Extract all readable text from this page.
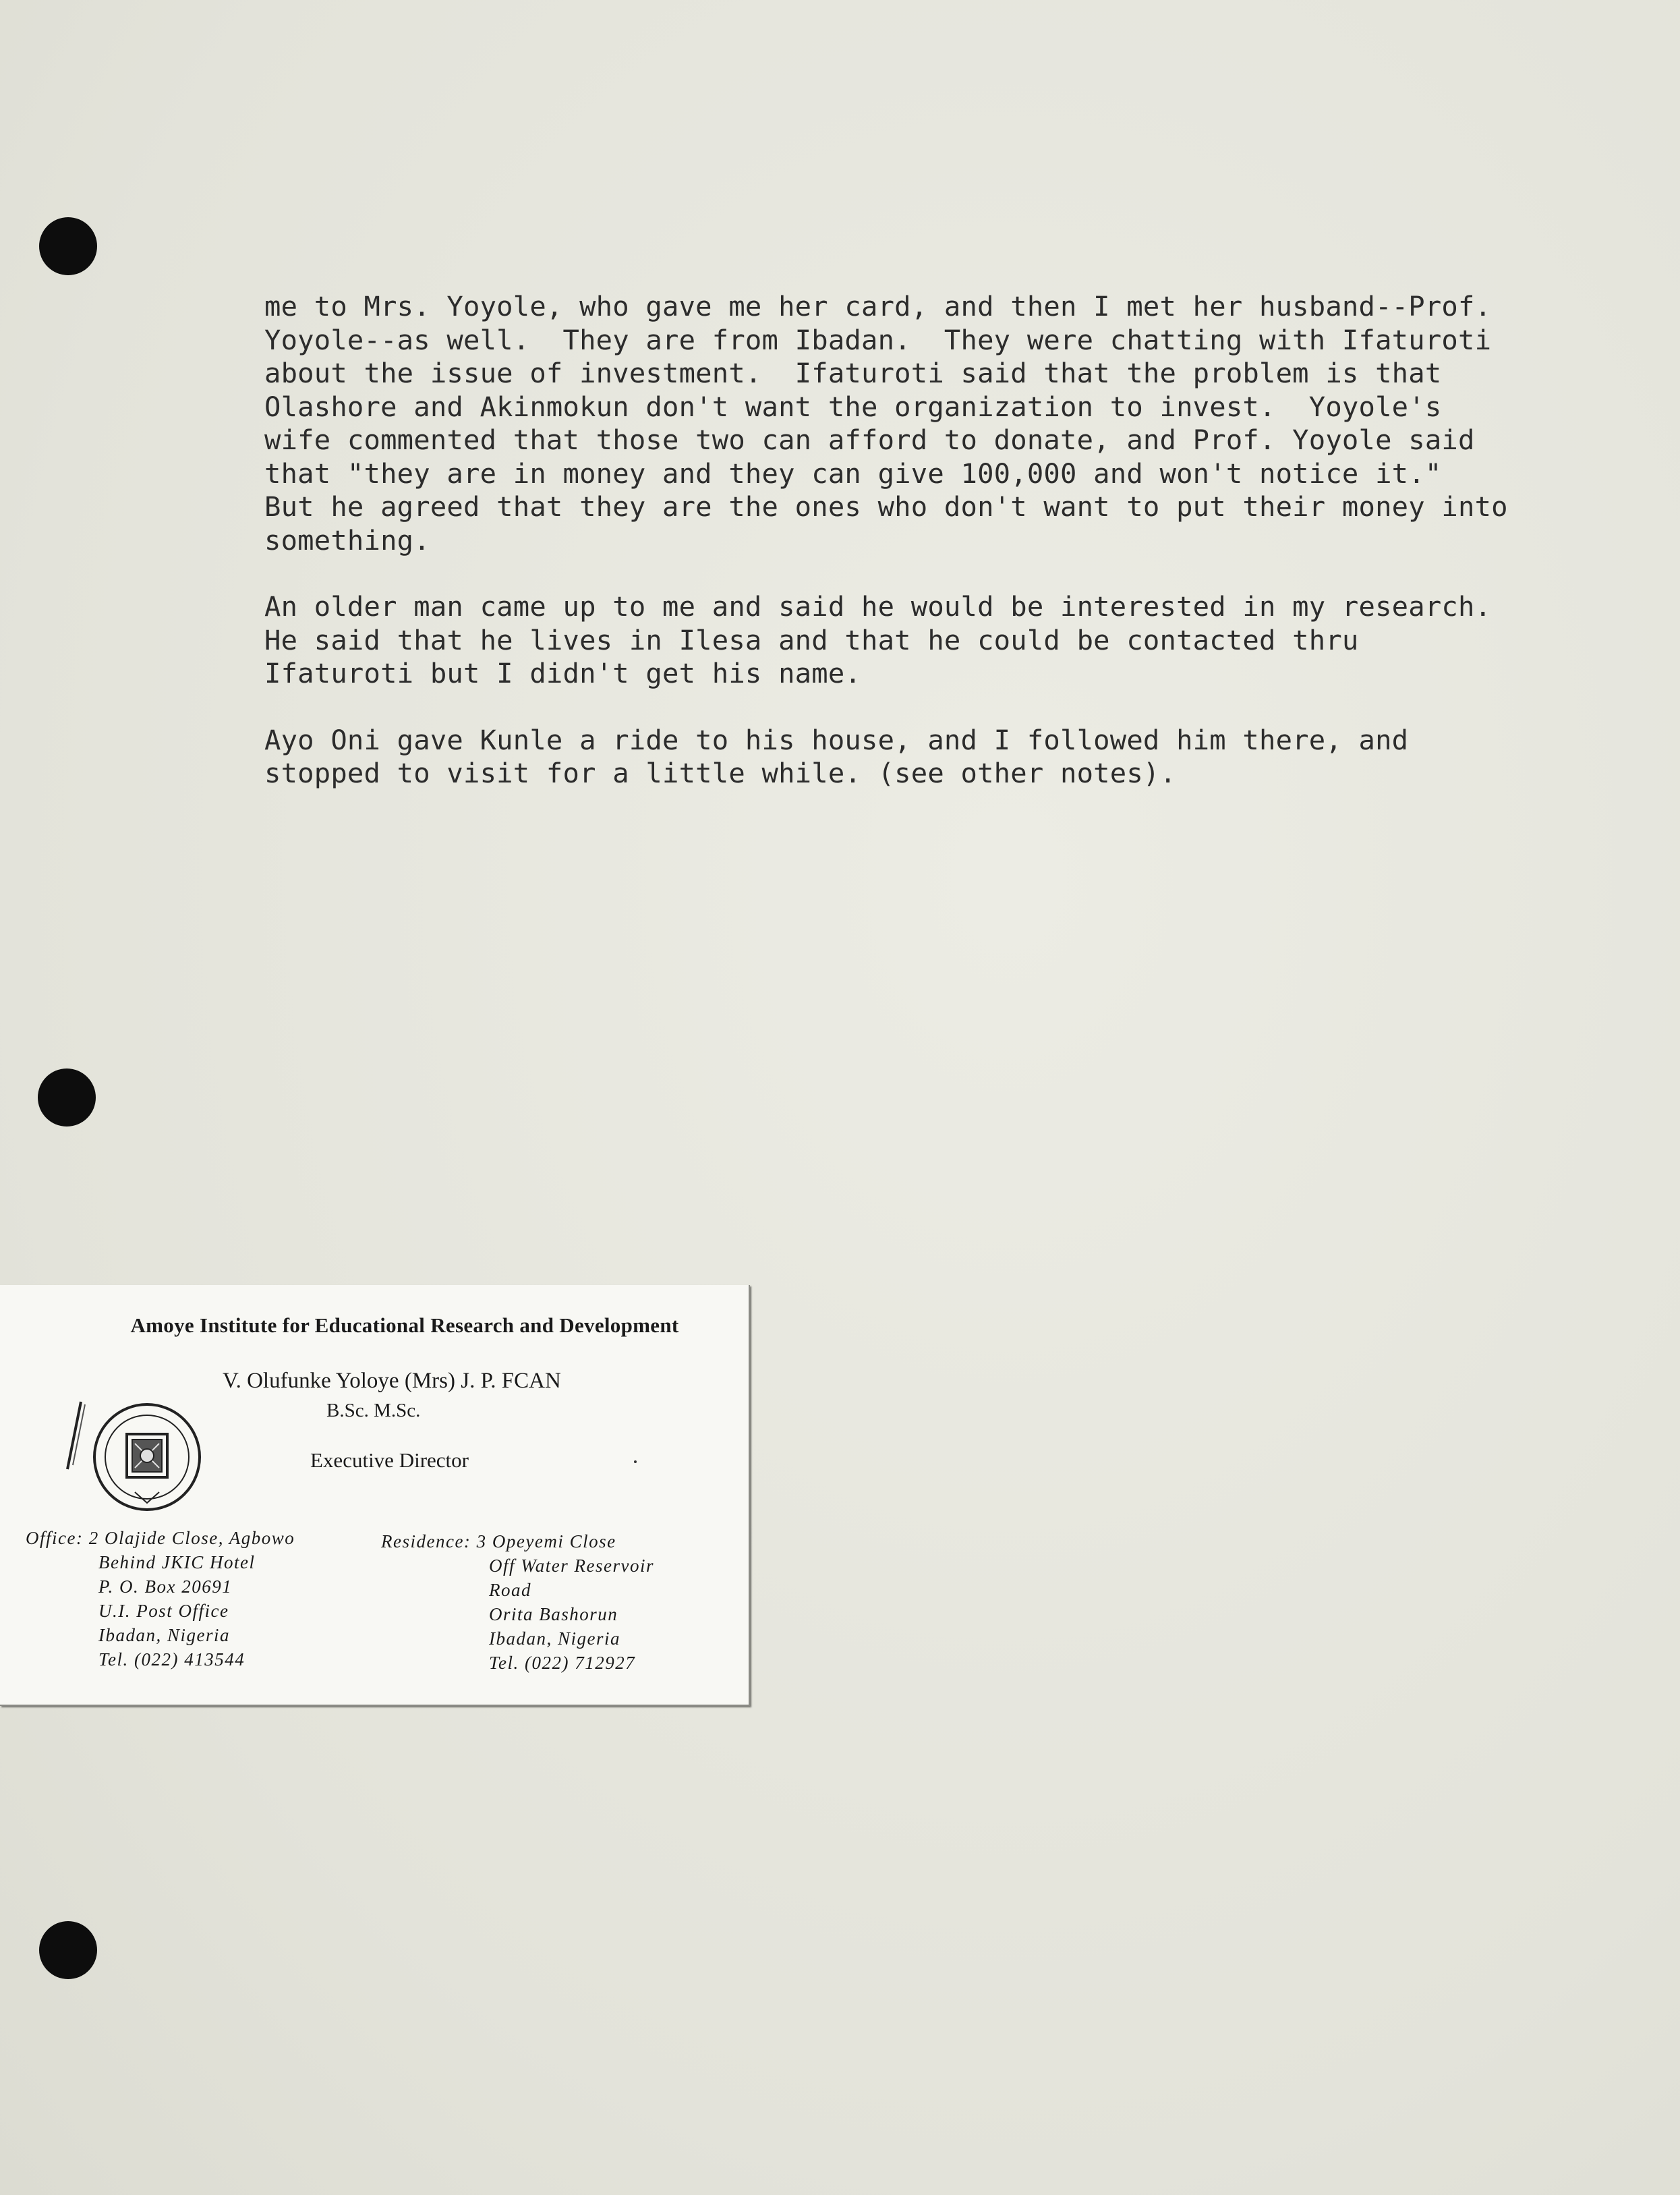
me to Mrs. Yoyole, who gave me her card, and then I met her husband--Prof.
Yoyole--as well.  They are from Ibadan.  They were chatting with Ifaturoti
about the issue of investment.  Ifaturoti said that the problem is that
Olashore and Akinmokun don't want the organization to invest.  Yoyole's
wife commented that those two can afford to donate, and Prof. Yoyole said
that "they are in money and they can give 100,000 and won't notice it."
But he agreed that they are the ones who don't want to put their money into
something.

An older man came up to me and said he would be interested in my research.
He said that he lives in Ilesa and that he could be contacted thru
Ifaturoti but I didn't get his name.

Ayo Oni gave Kunle a ride to his house, and I followed him there, and
stopped to visit for a little while. (see other notes).

Amoye Institute for Educational Research and Development
V. Olufunke Yoloye (Mrs) J. P. FCAN
B.Sc. M.Sc.
Executive Director
Office: 2 Olajide Close, Agbowo
Behind JKIC Hotel
P. O. Box 20691
U.I. Post Office
Ibadan, Nigeria
Tel. (022) 413544
Residence: 3 Opeyemi Close
Off Water Reservoir
Road
Orita Bashorun
Ibadan, Nigeria
Tel. (022) 712927
